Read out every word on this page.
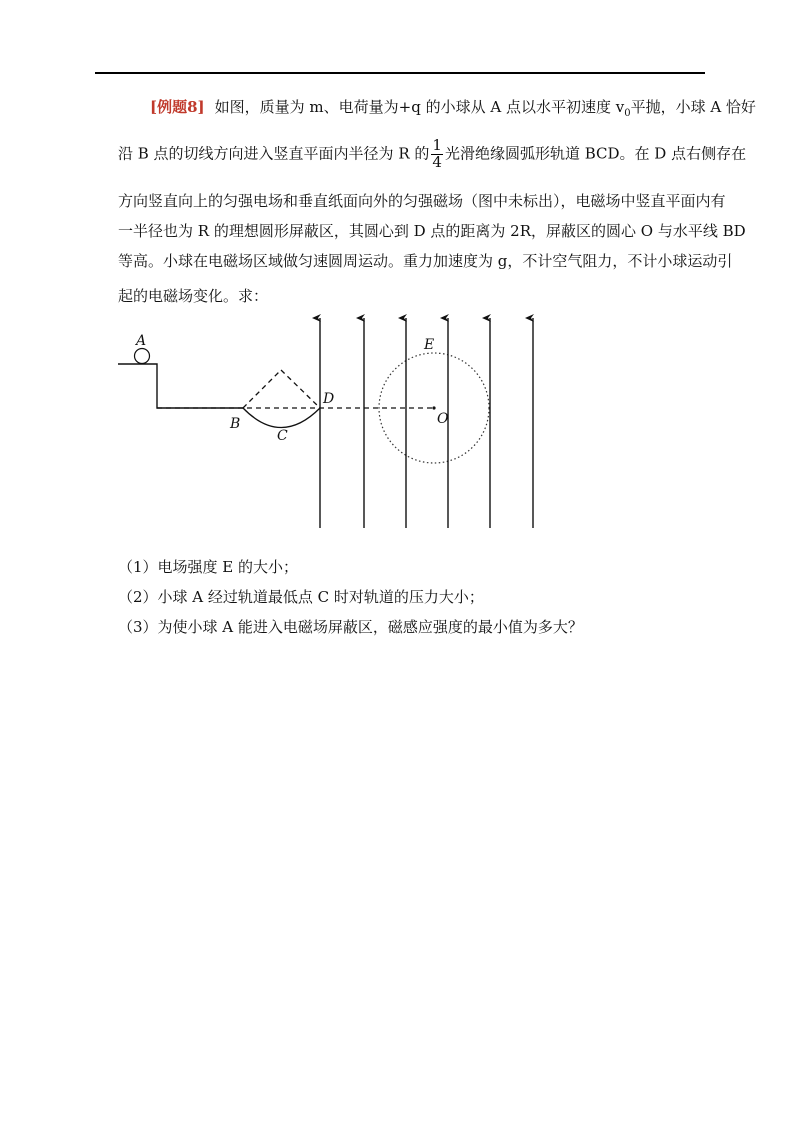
[例题8] 如图，质量为 m、电荷量为+q 的小球从 A 点以水平初速度 $v_0$平抛，小球 A 恰好
沿 B 点的切线方向进入竖直平面内半径为 R 的 $\frac{1}{4}$ 光滑绝缘圆弧形轨道 BCD。在 D 点右侧存在
方向竖直向上的匀强电场和垂直纸面向外的匀强磁场（图中未标出），电磁场中竖直平面内有
一半径也为 R 的理想圆形屏蔽区，其圆心到 D 点的距离为 2R，屏蔽区的圆心 O 与水平线 BD
等高。小球在电磁场区域做匀速圆周运动。重力加速度为 g，不计空气阻力，不计小球运动引
起的电磁场变化。求：
A
B
C
D
E
O
（1）电场强度 E 的大小；
（2）小球 A 经过轨道最低点 C 时对轨道的压力大小；
（3）为使小球 A 能进入电磁场屏蔽区，磁感应强度的最小值为多大？
